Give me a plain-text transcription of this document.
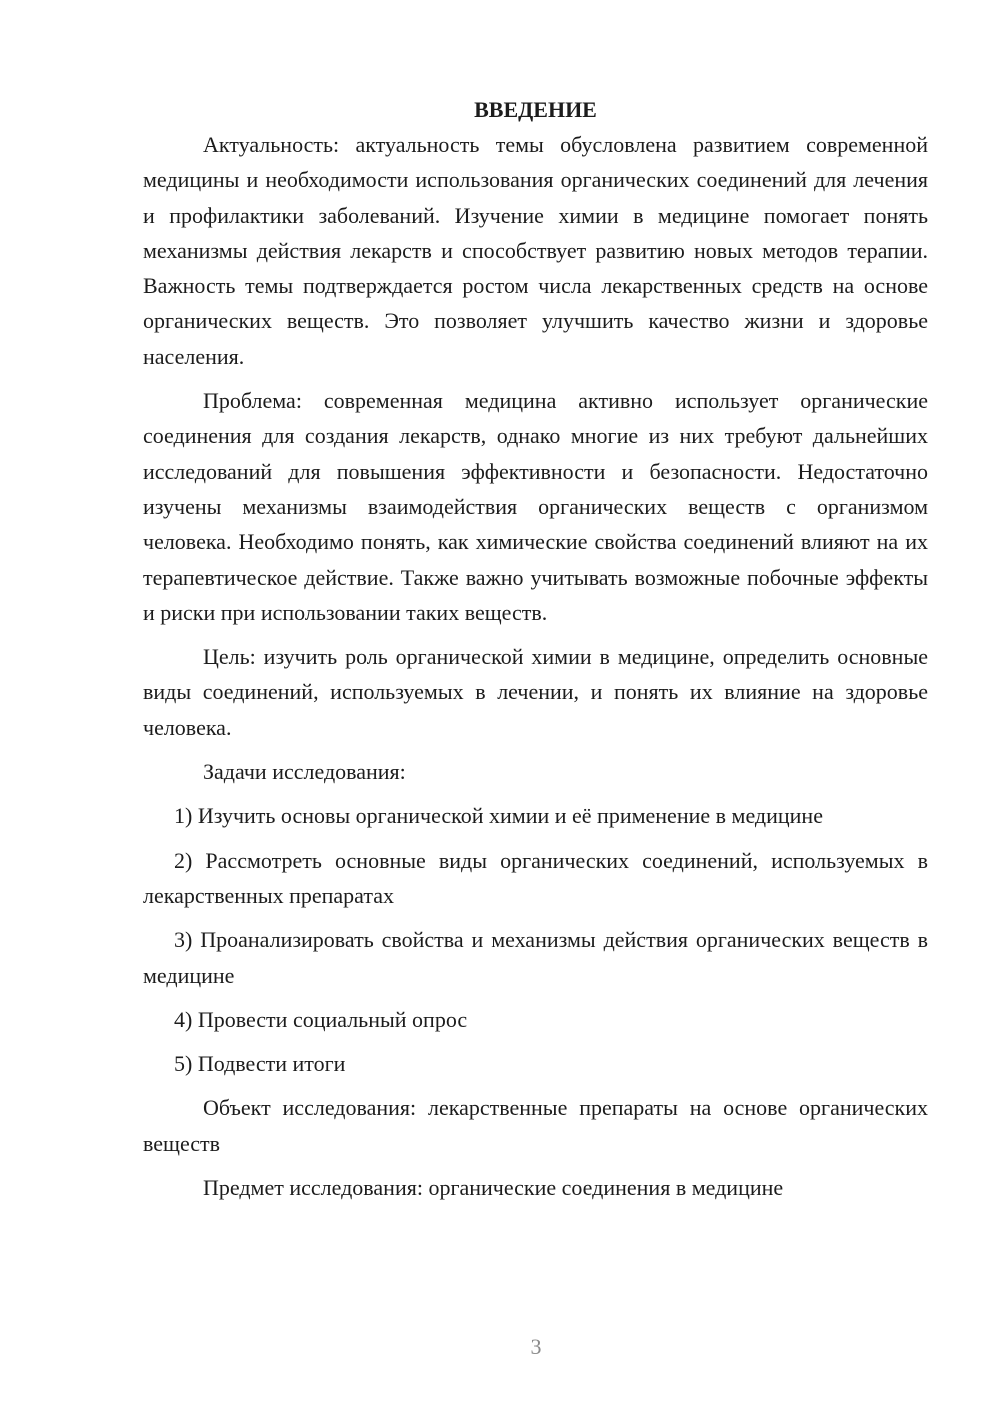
ВВЕДЕНИЕ

Актуальность: актуальность темы обусловлена развитием современной медицины и необходимости использования органических соединений для лечения и профилактики заболеваний. Изучение химии в медицине помогает понять механизмы действия лекарств и способствует развитию новых методов терапии. Важность темы подтверждается ростом числа лекарственных средств на основе органических веществ. Это позволяет улучшить качество жизни и здоровье населения.

Проблема: современная медицина активно использует органические соединения для создания лекарств, однако многие из них требуют дальнейших исследований для повышения эффективности и безопасности. Недостаточно изучены механизмы взаимодействия органических веществ с организмом человека. Необходимо понять, как химические свойства соединений влияют на их терапевтическое действие. Также важно учитывать возможные побочные эффекты и риски при использовании таких веществ.

Цель: изучить роль органической химии в медицине, определить основные виды соединений, используемых в лечении, и понять их влияние на здоровье человека.

Задачи исследования:

1) Изучить основы органической химии и её применение в медицине

2) Рассмотреть основные виды органических соединений, используемых в лекарственных препаратах

3) Проанализировать свойства и механизмы действия органических веществ в медицине

4) Провести социальный опрос

5) Подвести итоги

Объект исследования: лекарственные препараты на основе органических веществ

Предмет исследования: органические соединения в медицине

3
